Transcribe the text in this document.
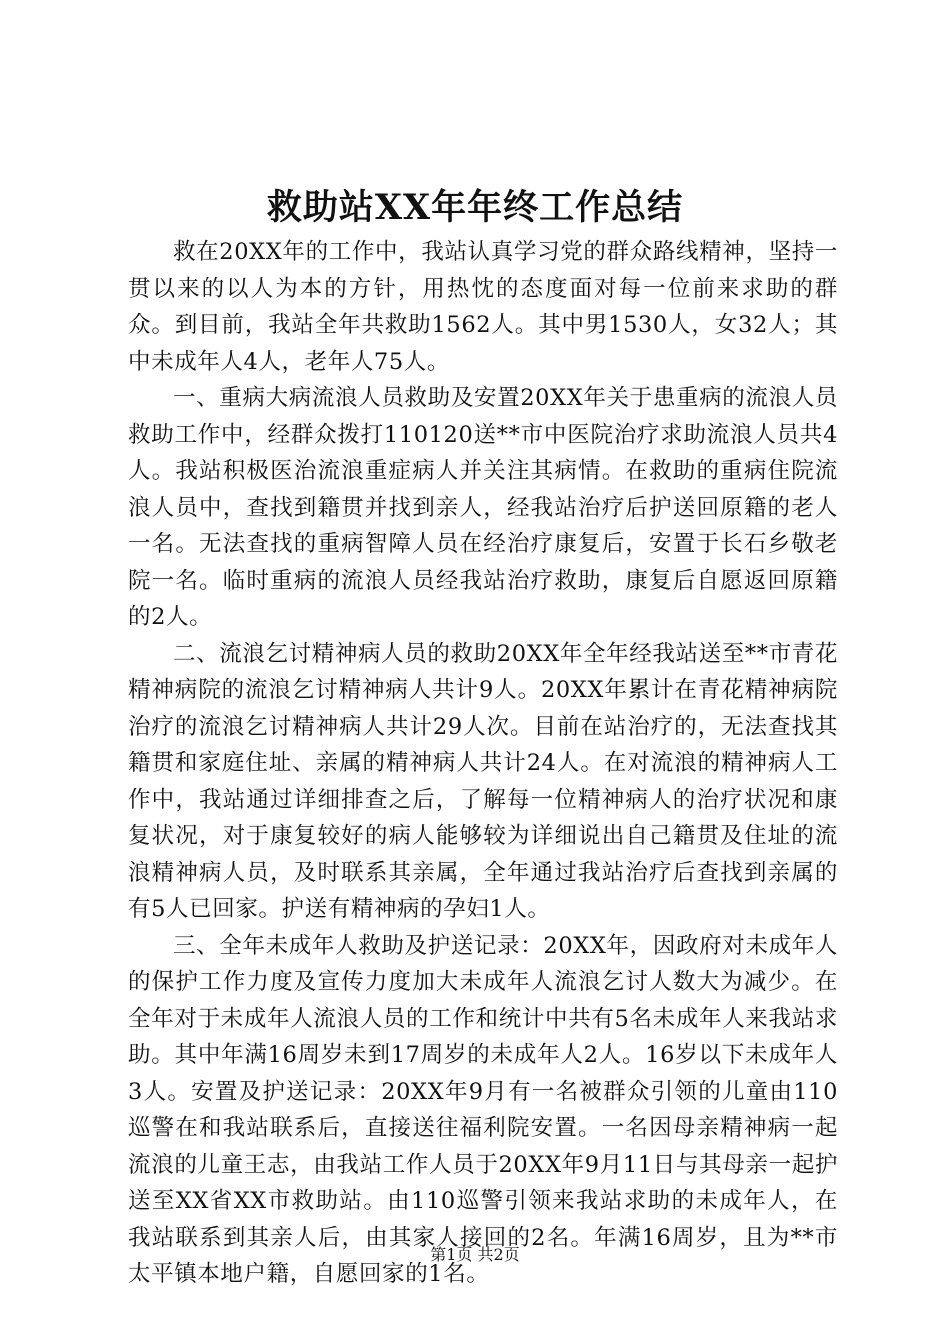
救助站XX年年终工作总结

救在20XX年的工作中，我站认真学习党的群众路线精神，坚持一贯以来的以人为本的方针，用热忱的态度面对每一位前来求助的群众。到目前，我站全年共救助1562人。其中男1530人，女32人；其中未成年人4人，老年人75人。

一、重病大病流浪人员救助及安置20XX年关于患重病的流浪人员救助工作中，经群众拨打110120送**市中医院治疗求助流浪人员共4人。我站积极医治流浪重症病人并关注其病情。在救助的重病住院流浪人员中，查找到籍贯并找到亲人，经我站治疗后护送回原籍的老人一名。无法查找的重病智障人员在经治疗康复后，安置于长石乡敬老院一名。临时重病的流浪人员经我站治疗救助，康复后自愿返回原籍的2人。

二、流浪乞讨精神病人员的救助20XX年全年经我站送至**市青花精神病院的流浪乞讨精神病人共计9人。20XX年累计在青花精神病院治疗的流浪乞讨精神病人共计29人次。目前在站治疗的，无法查找其籍贯和家庭住址、亲属的精神病人共计24人。在对流浪的精神病人工作中，我站通过详细排查之后，了解每一位精神病人的治疗状况和康复状况，对于康复较好的病人能够较为详细说出自己籍贯及住址的流浪精神病人员，及时联系其亲属，全年通过我站治疗后查找到亲属的有5人已回家。护送有精神病的孕妇1人。

三、全年未成年人救助及护送记录：20XX年，因政府对未成年人的保护工作力度及宣传力度加大未成年人流浪乞讨人数大为减少。在全年对于未成年人流浪人员的工作和统计中共有5名未成年人来我站求助。其中年满16周岁未到17周岁的未成年人2人。16岁以下未成年人3人。安置及护送记录：20XX年9月有一名被群众引领的儿童由110巡警在和我站联系后，直接送往福利院安置。一名因母亲精神病一起流浪的儿童王志，由我站工作人员于20XX年9月11日与其母亲一起护送至XX省XX市救助站。由110巡警引领来我站求助的未成年人，在我站联系到其亲人后，由其家人接回的2名。年满16周岁，且为**市太平镇本地户籍，自愿回家的1名。

第1页 共2页
